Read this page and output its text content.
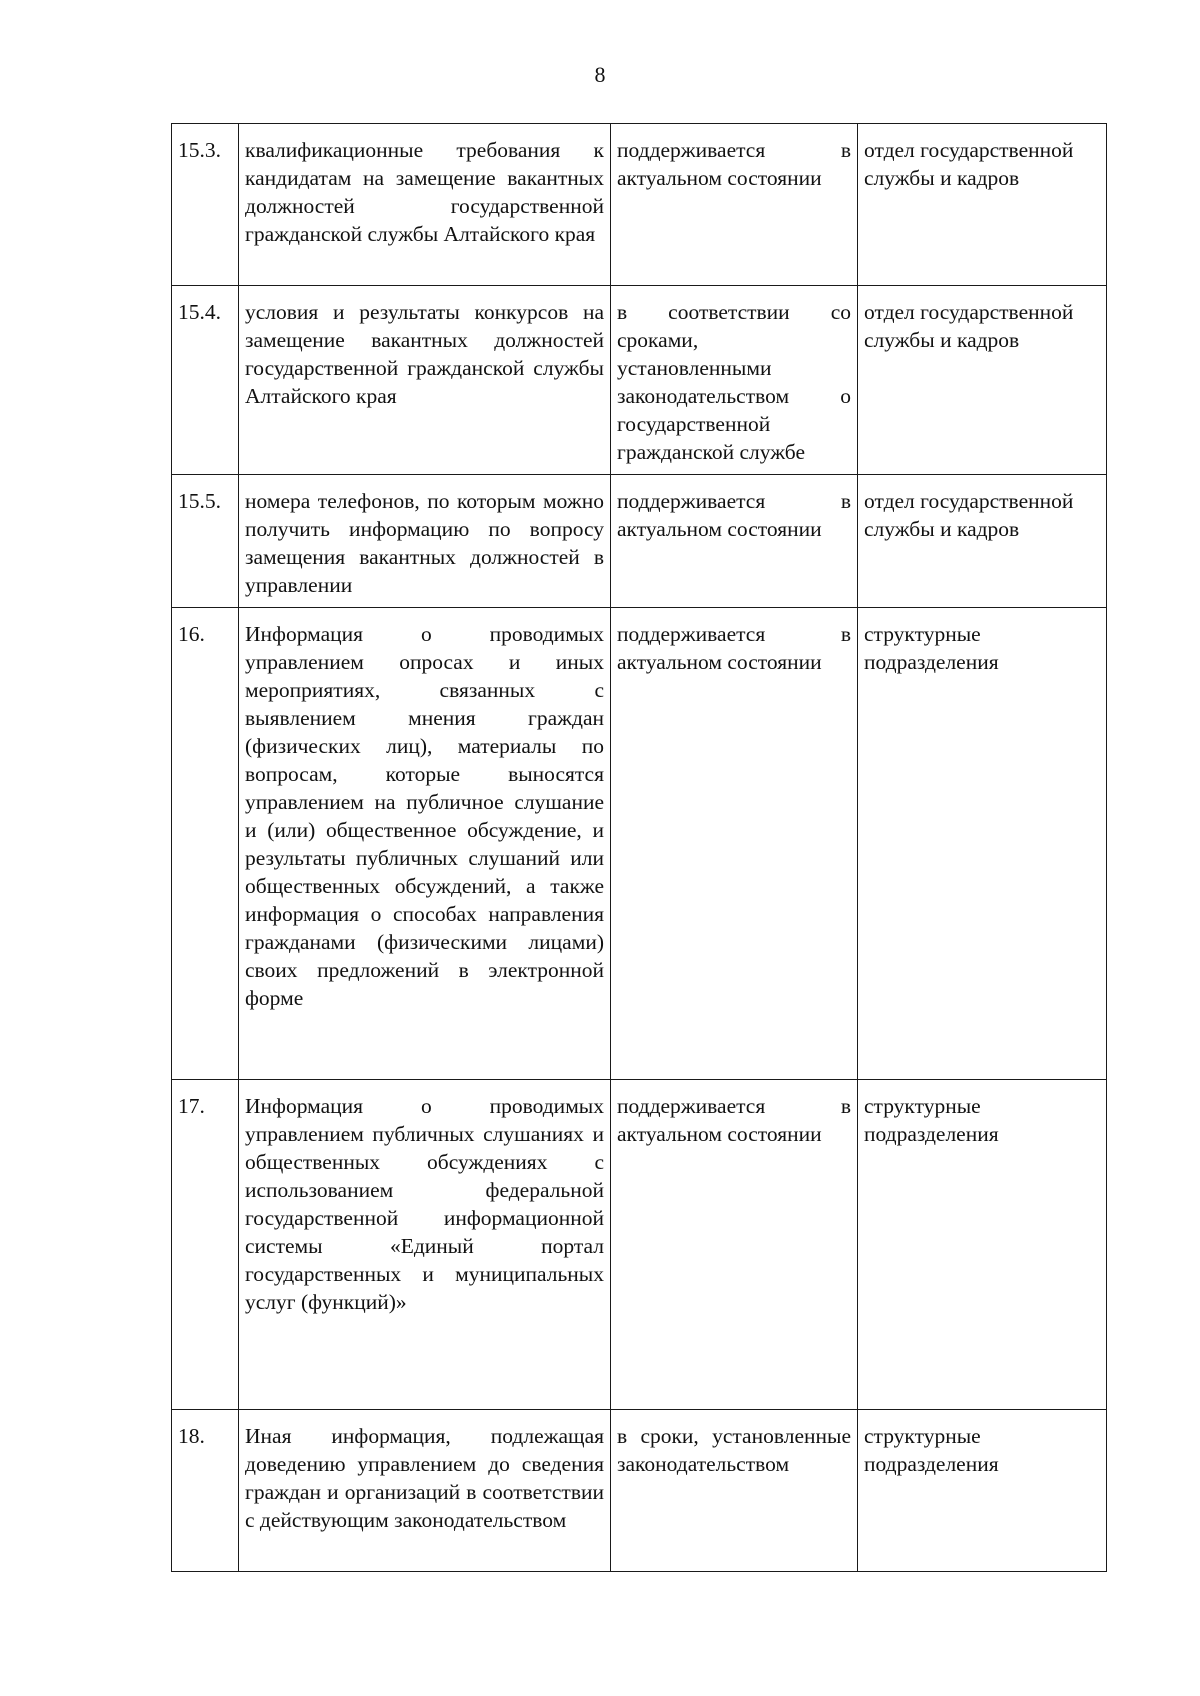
8
15.3.	квалификационные требования к кандидатам на замещение вакантных должностей государственной гражданской службы Алтайского края	поддерживается в актуальном состоянии	отдел государственной службы и кадров
15.4.	условия и результаты конкурсов на замещение вакантных должностей государственной гражданской службы Алтайского края	в соответствии со сроками, установленными законодательством о государственной гражданской службе	отдел государственной службы и кадров
15.5.	номера телефонов, по которым можно получить информацию по вопросу замещения вакантных должностей в управлении	поддерживается в актуальном состоянии	отдел государственной службы и кадров
16.	Информация о проводимых управлением опросах и иных мероприятиях, связанных с выявлением мнения граждан (физических лиц), материалы по вопросам, которые выносятся управлением на публичное слушание и (или) общественное обсуждение, и результаты публичных слушаний или общественных обсуждений, а также информация о способах направления гражданами (физическими лицами) своих предложений в электронной форме	поддерживается в актуальном состоянии	структурные подразделения
17.	Информация о проводимых управлением публичных слушаниях и общественных обсуждениях с использованием федеральной государственной информационной системы «Единый портал государственных и муниципальных услуг (функций)»	поддерживается в актуальном состоянии	структурные подразделения
18.	Иная информация, подлежащая доведению управлением до сведения граждан и организаций в соответствии с действующим законодательством	в сроки, установленные законодательством	структурные подразделения
